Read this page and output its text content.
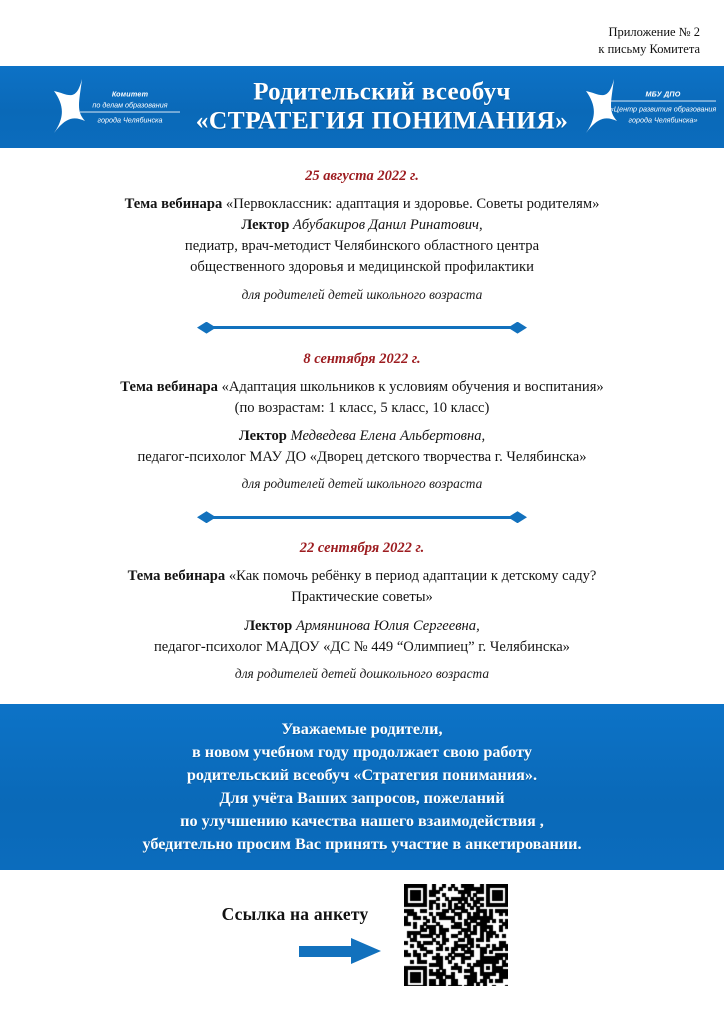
Приложение № 2
к письму Комитета
Комитет
по делам образования
города Челябинска
Родительский всеобуч
«СТРАТЕГИЯ ПОНИМАНИЯ»
МБУ ДПО
«Центр развития образования
города Челябинска»
25 августа 2022 г.
Тема вебинара «Первоклассник: адаптация и здоровье. Советы родителям»
Лектор Абубакиров Данил Ринатович,
педиатр, врач-методист Челябинского областного центра
общественного здоровья и медицинской профилактики
для родителей детей школьного возраста
8 сентября 2022 г.
Тема вебинара «Адаптация школьников к условиям обучения и воспитания»
(по возрастам: 1 класс, 5 класс, 10 класс)
Лектор Медведева Елена Альбертовна,
педагог-психолог МАУ ДО «Дворец детского творчества г. Челябинска»
для родителей детей школьного возраста
22 сентября 2022 г.
Тема вебинара «Как помочь ребёнку в период адаптации к детскому саду?
Практические советы»
Лектор Армянинова Юлия Сергеевна,
педагог-психолог МАДОУ «ДС № 449 “Олимпиец” г. Челябинска»
для родителей детей дошкольного возраста
Уважаемые родители,
в новом учебном году продолжает свою работу
родительский всеобуч «Стратегия понимания».
Для учёта Ваших запросов, пожеланий
по улучшению качества нашего взаимодействия ,
убедительно просим Вас принять участие в анкетировании.
Ссылка на анкету
